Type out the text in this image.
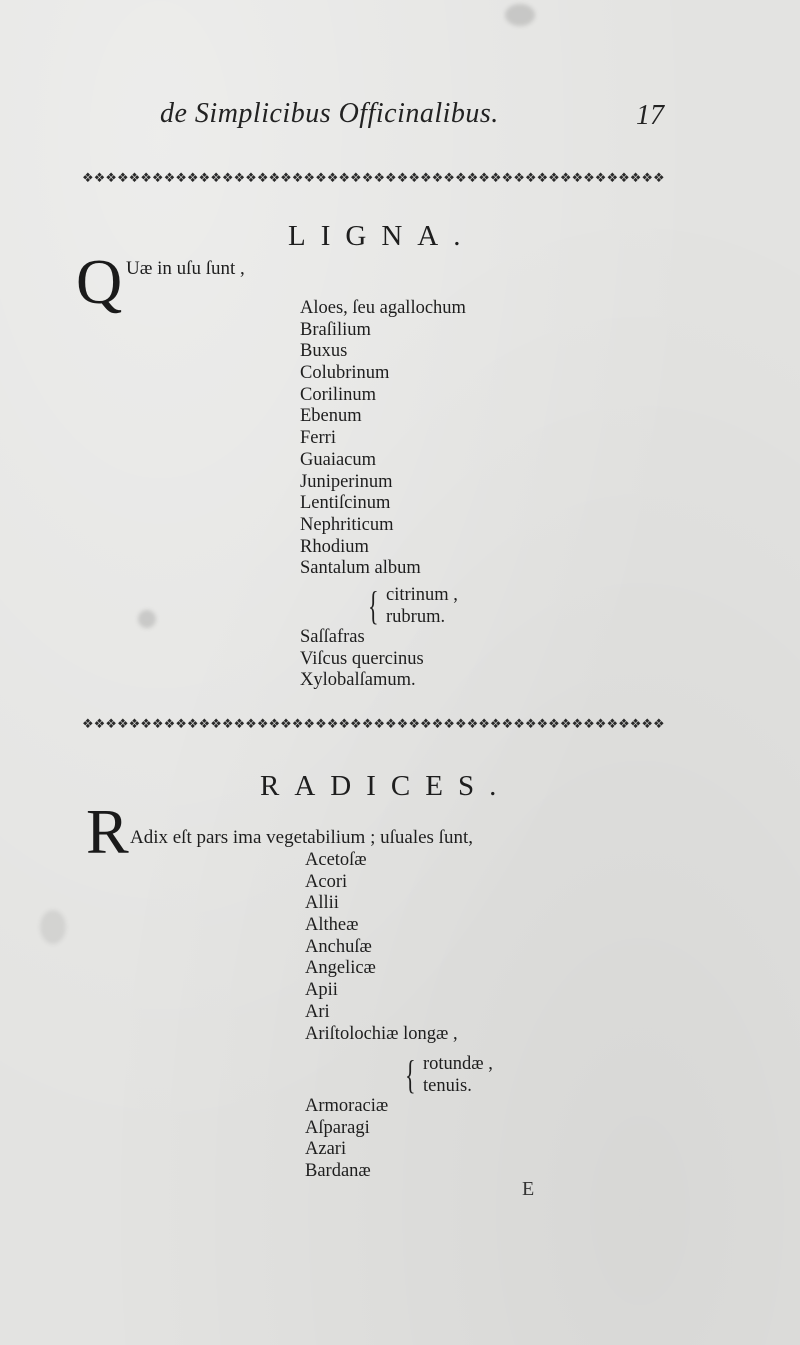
de Simplicibus Officinalibus.	17
❖❖❖❖❖❖❖❖❖❖❖❖❖❖❖❖❖❖❖❖❖❖❖❖❖❖❖❖❖❖❖❖❖❖❖❖❖❖❖❖❖❖❖❖❖❖❖❖❖❖
LIGNA.
Q Uæ in uſu ſunt ,
Aloes, ſeu agallochum
Braſilium
Buxus
Colubrinum
Corilinum
Ebenum
Ferri
Guaiacum
Juniperinum
Lentiſcinum
Nephriticum
Rhodium
Santalum album
{ citrinum ,
rubrum.
Saſſafras
Viſcus quercinus
Xylobalſamum.
❖❖❖❖❖❖❖❖❖❖❖❖❖❖❖❖❖❖❖❖❖❖❖❖❖❖❖❖❖❖❖❖❖❖❖❖❖❖❖❖❖❖❖❖❖❖❖❖❖❖
RADICES.
R Adix eſt pars ima vegetabilium ; uſuales ſunt,
Acetoſæ
Acori
Allii
Altheæ
Anchuſæ
Angelicæ
Apii
Ari
Ariſtolochiæ longæ ,
{ rotundæ ,
tenuis.
Armoraciæ
Aſparagi
Azari
Bardanæ
E
